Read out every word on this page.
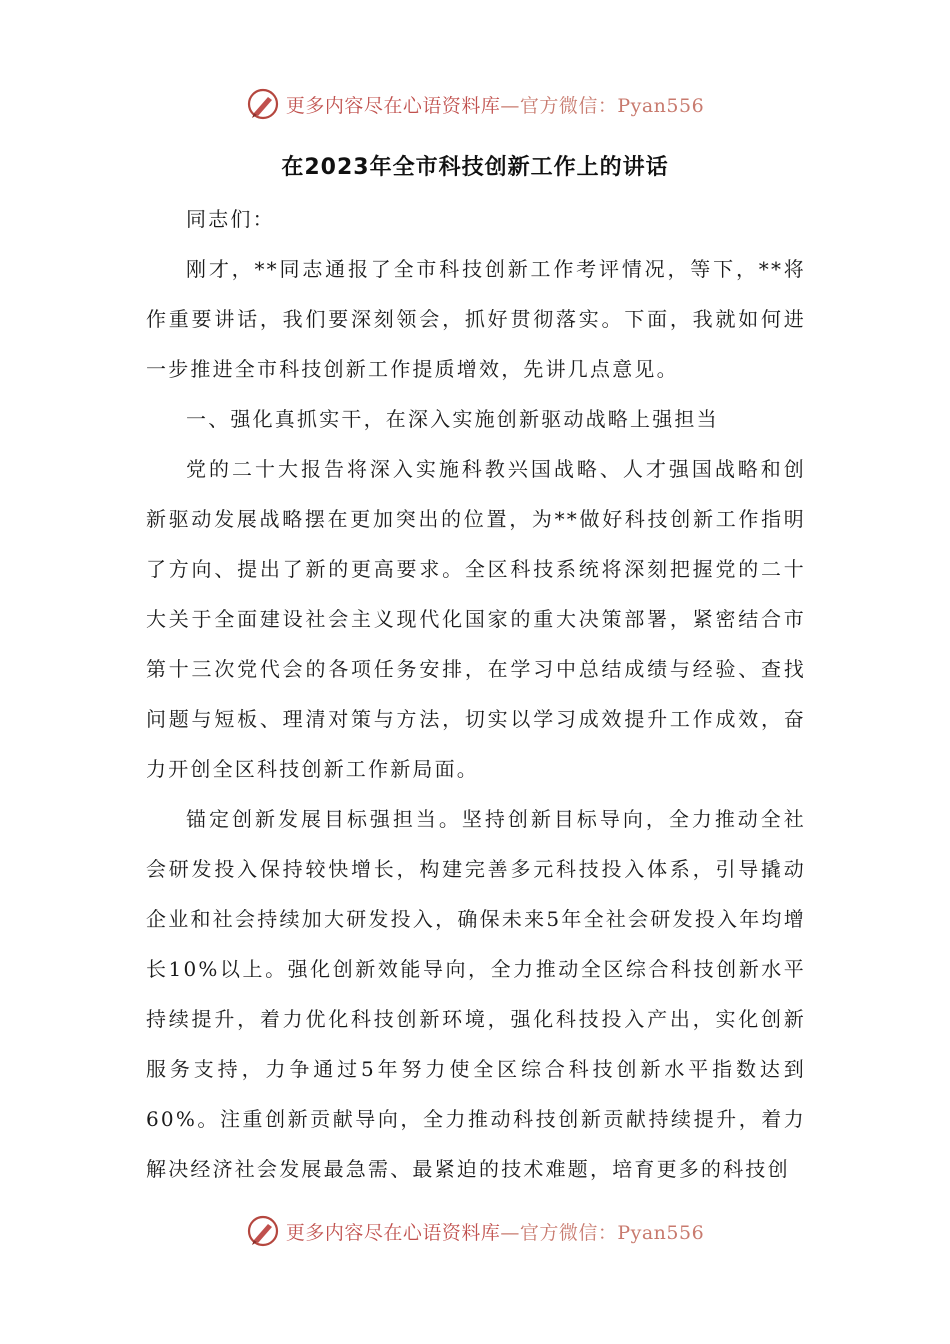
更多内容尽在心语资料库—官方微信：Pyan556
在2023年全市科技创新工作上的讲话

同志们：

刚才，**同志通报了全市科技创新工作考评情况，等下，**将作重要讲话，我们要深刻领会，抓好贯彻落实。下面，我就如何进一步推进全市科技创新工作提质增效，先讲几点意见。

一、强化真抓实干，在深入实施创新驱动战略上强担当

党的二十大报告将深入实施科教兴国战略、人才强国战略和创新驱动发展战略摆在更加突出的位置，为**做好科技创新工作指明了方向、提出了新的更高要求。全区科技系统将深刻把握党的二十大关于全面建设社会主义现代化国家的重大决策部署，紧密结合市第十三次党代会的各项任务安排，在学习中总结成绩与经验、查找问题与短板、理清对策与方法，切实以学习成效提升工作成效，奋力开创全区科技创新工作新局面。

锚定创新发展目标强担当。坚持创新目标导向，全力推动全社会研发投入保持较快增长，构建完善多元科技投入体系，引导撬动企业和社会持续加大研发投入，确保未来5年全社会研发投入年均增长10%以上。强化创新效能导向，全力推动全区综合科技创新水平持续提升，着力优化科技创新环境，强化科技投入产出，实化创新服务支持，力争通过5年努力使全区综合科技创新水平指数达到60%。注重创新贡献导向，全力推动科技创新贡献持续提升，着力解决经济社会发展最急需、最紧迫的技术难题，培育更多的科技创

更多内容尽在心语资料库—官方微信：Pyan556
